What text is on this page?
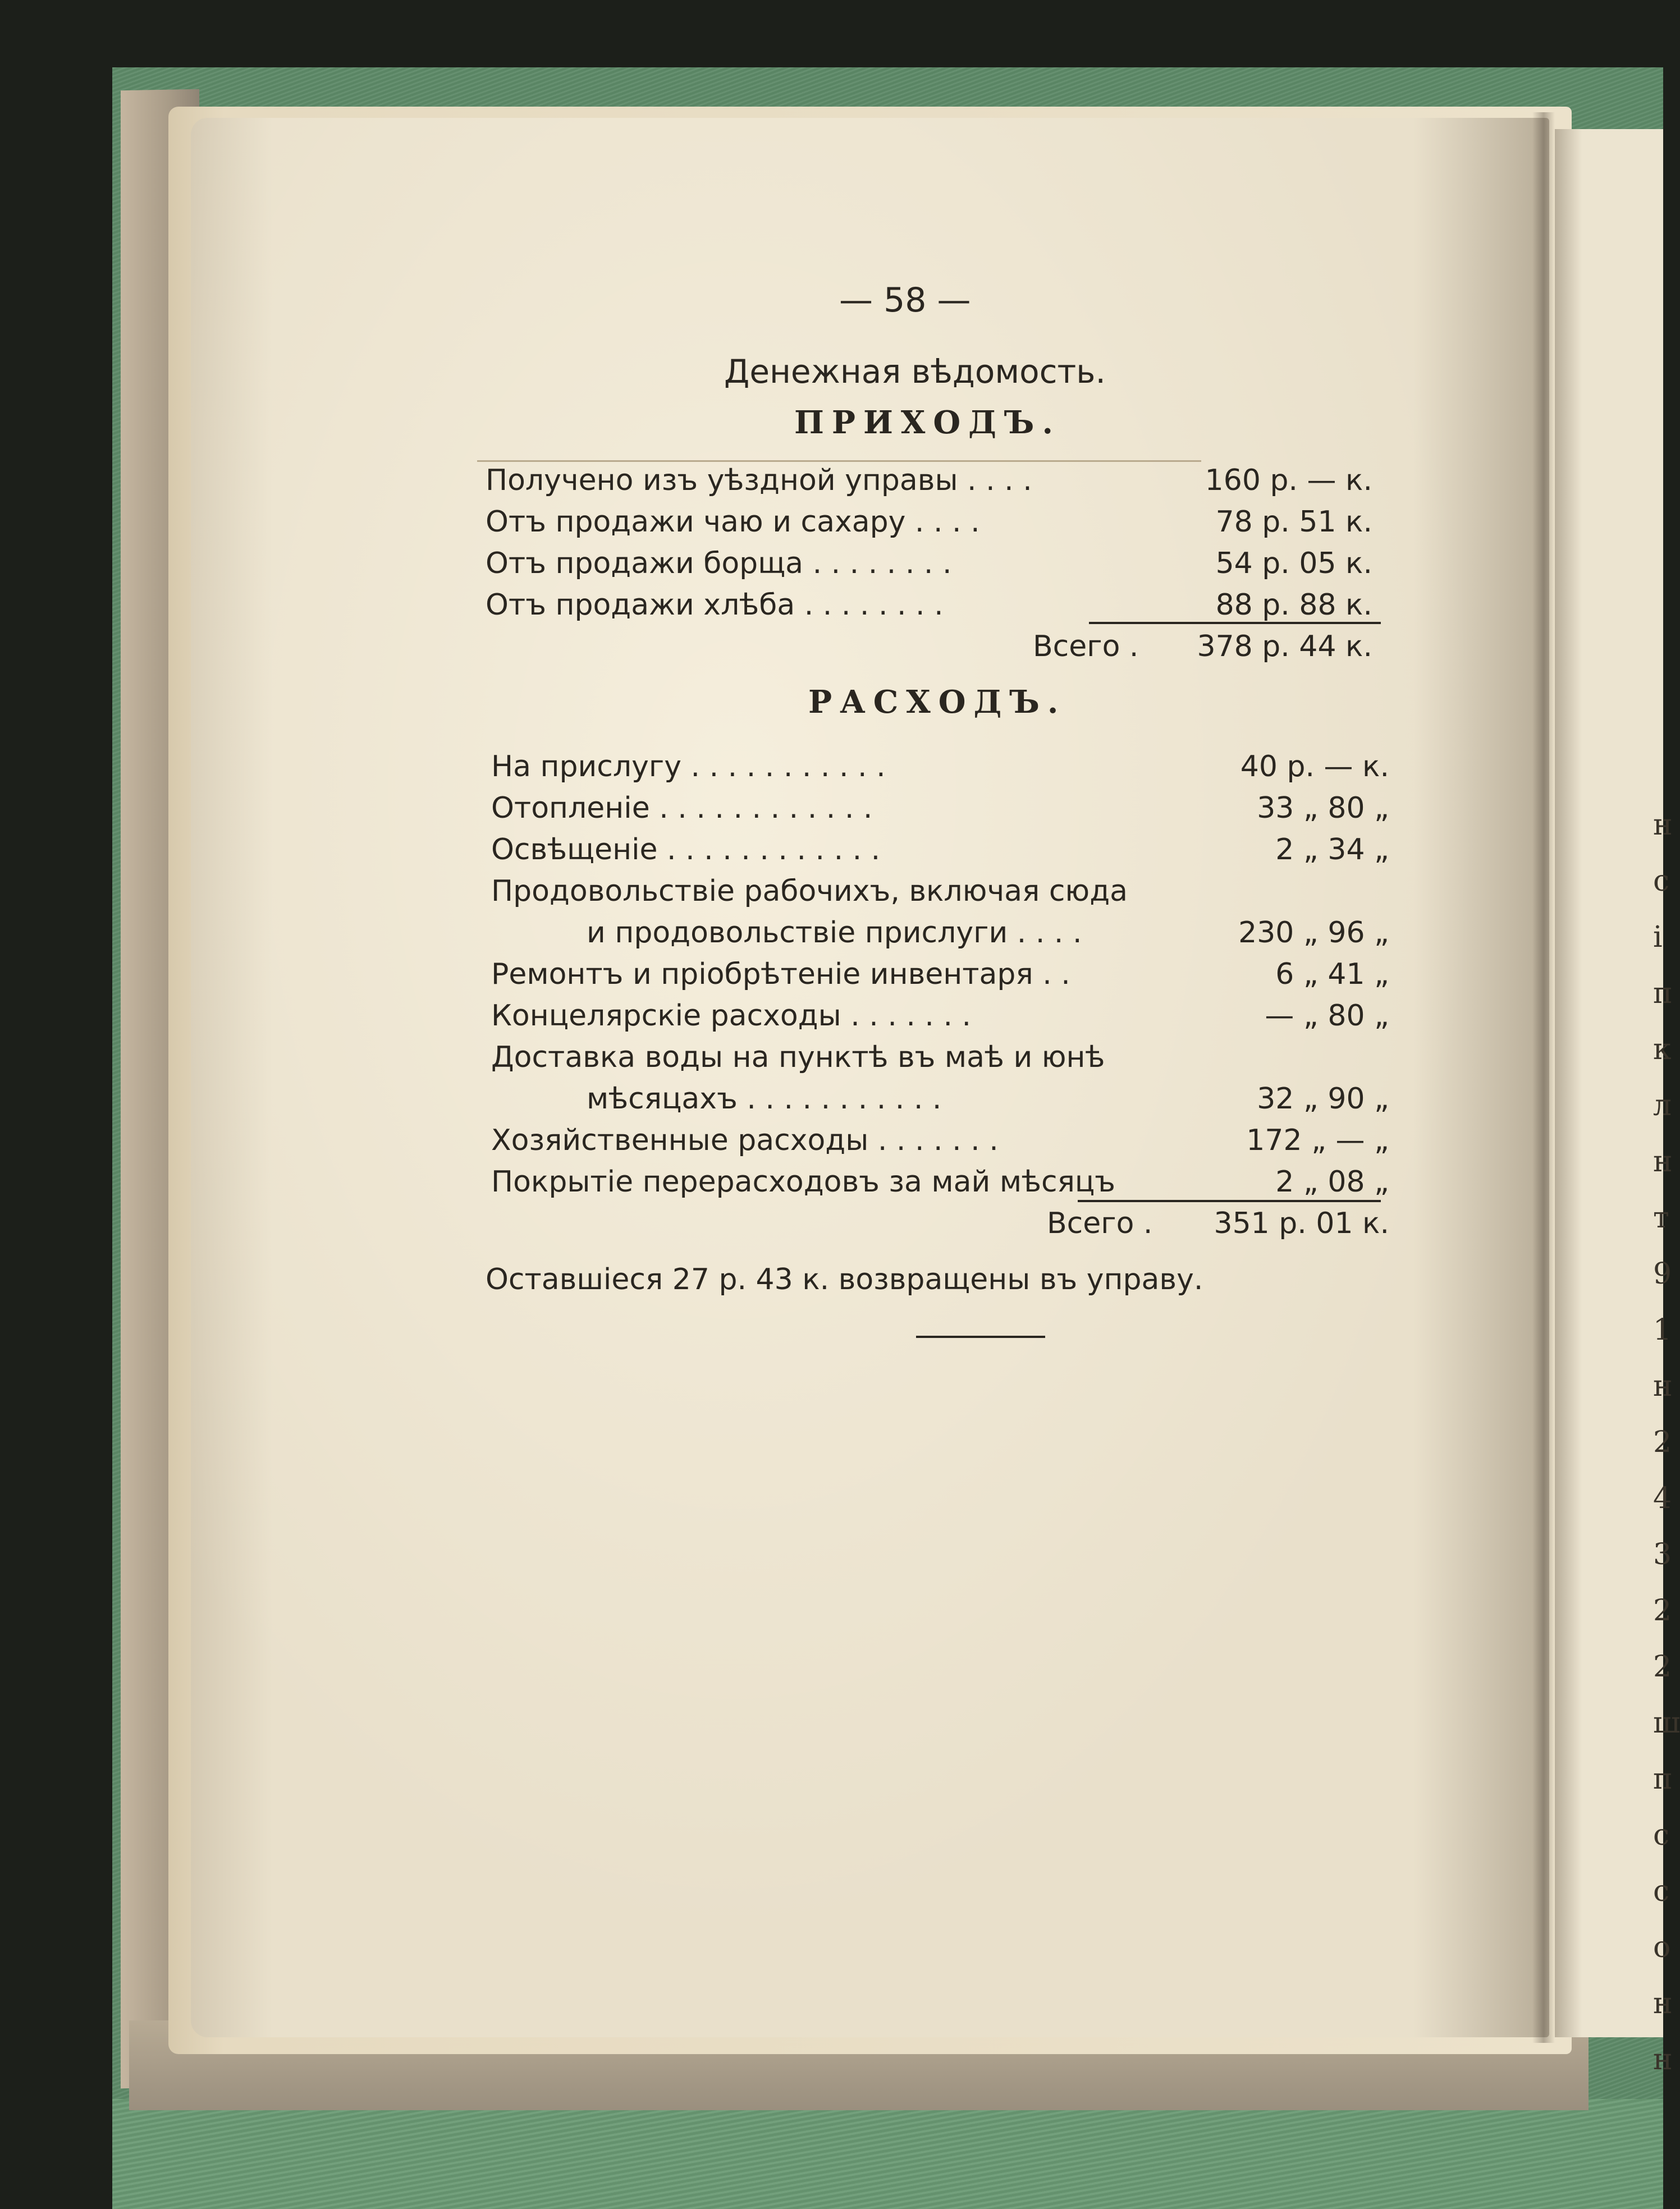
н
с
і
п
к
л
н
т
9
1
н
2
4
3
2
2
ш
п
с
с
о
н
н
— 58 —
Денежная вѣдомость.
ПРИХОДЪ.
Получено изъ уѣздной управы . . . .	160 р. — к.
Отъ продажи чаю и сахару . . . .	78 р. 51 к.
Отъ продажи борща . . . . . . . .	54 р. 05 к.
Отъ продажи хлѣба . . . . . . . .	88 р. 88 к.
Всего .	378 р. 44 к.
РАСХОДЪ.
На прислугу . . . . . . . . . . .	40 р. — к.
Отопленіе . . . . . . . . . . . .	33 „ 80 „
Освѣщеніе . . . . . . . . . . . .	2 „ 34 „
Продовольствіе рабочихъ, включая сюда
и продовольствіе прислуги . . . .	230 „ 96 „
Ремонтъ и пріобрѣтеніе инвентаря . .	6 „ 41 „
Концелярскіе расходы . . . . . . .	— „ 80 „
Доставка воды на пунктѣ въ маѣ и юнѣ
мѣсяцахъ . . . . . . . . . . .	32 „ 90 „
Хозяйственные расходы . . . . . . .	172 „ — „
Покрытіе перерасходовъ за май мѣсяцъ	2 „ 08 „
Всего .	351 р. 01 к.
Оставшіеся 27 р. 43 к. возвращены въ управу.
